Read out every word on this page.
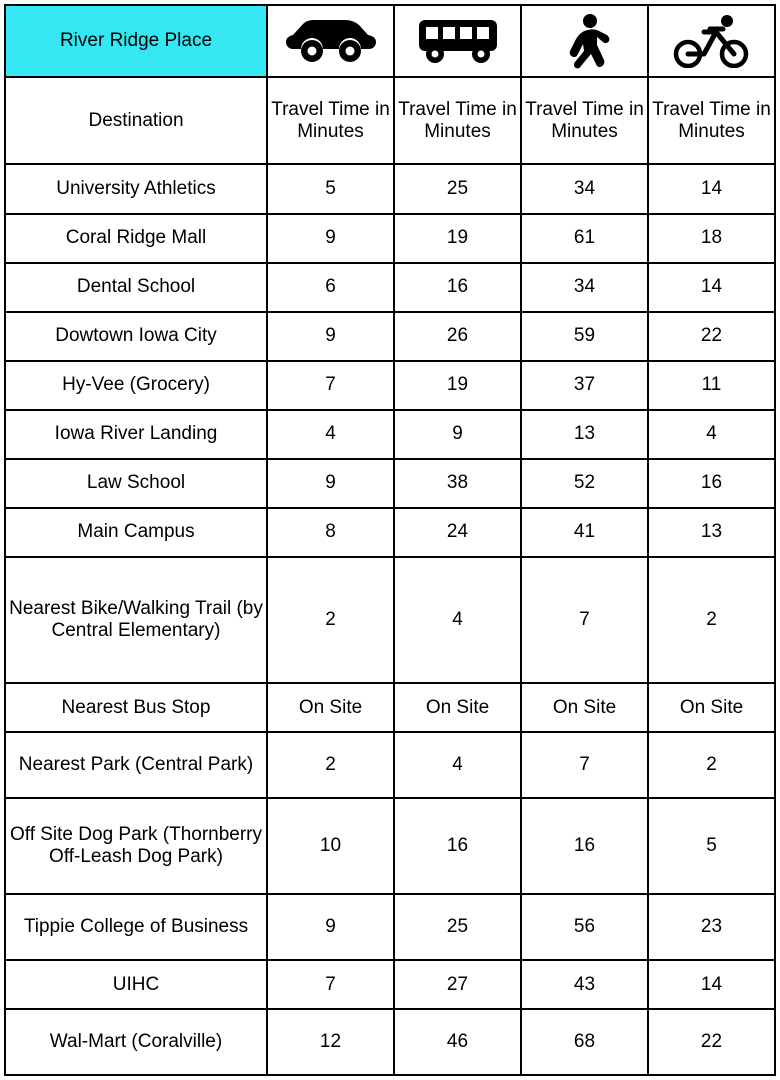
River Ridge Place	

Destination	Travel Time in Minutes	Travel Time in Minutes	Travel Time in Minutes	Travel Time in Minutes
University Athletics	5	25	34	14
Coral Ridge Mall	9	19	61	18
Dental School	6	16	34	14
Dowtown Iowa City	9	26	59	22
Hy-Vee (Grocery)	7	19	37	11
Iowa River Landing	4	9	13	4
Law School	9	38	52	16
Main Campus	8	24	41	13
Nearest Bike/Walking Trail (by Central Elementary)	2	4	7	2
Nearest Bus Stop	On Site	On Site	On Site	On Site
Nearest Park (Central Park)	2	4	7	2
Off Site Dog Park (Thornberry Off-Leash Dog Park)	10	16	16	5
Tippie College of Business	9	25	56	23
UIHC	7	27	43	14
Wal-Mart (Coralville)	12	46	68	22
